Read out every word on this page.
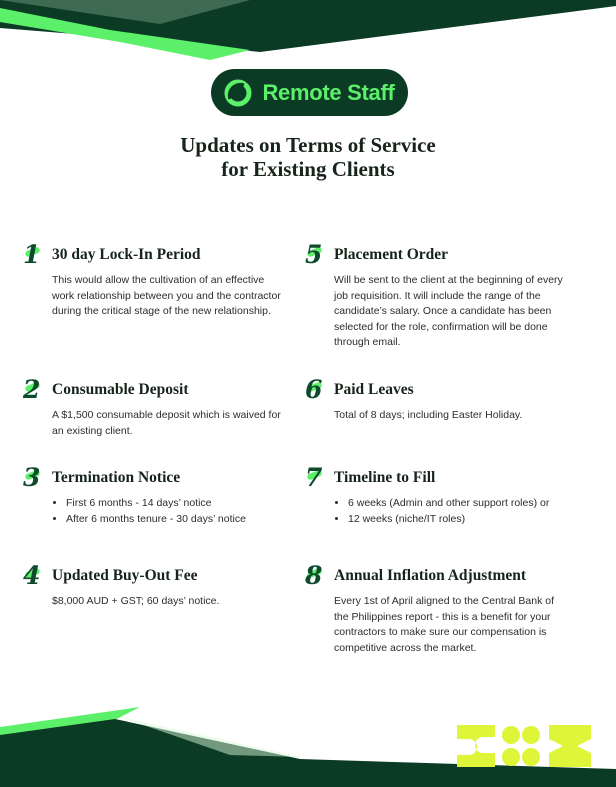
Remote Staff
Updates on Terms of Service
for Existing Clients
1 30 day Lock-In Period
This would allow the cultivation of an effective work relationship between you and the contractor during the critical stage of the new relationship.
2 Consumable Deposit
A $1,500 consumable deposit which is waived for an existing client.
3 Termination Notice
• First 6 months - 14 days’ notice
• After 6 months tenure - 30 days’ notice
4 Updated Buy-Out Fee
$8,000 AUD + GST; 60 days’ notice.
5 Placement Order
Will be sent to the client at the beginning of every job requisition. It will include the range of the candidate’s salary. Once a candidate has been selected for the role, confirmation will be done through email.
6 Paid Leaves
Total of 8 days; including Easter Holiday.
7 Timeline to Fill
• 6 weeks (Admin and other support roles) or
• 12 weeks (niche/IT roles)
8 Annual Inflation Adjustment
Every 1st of April aligned to the Central Bank of the Philippines report - this is a benefit for your contractors to make sure our compensation is competitive across the market.
